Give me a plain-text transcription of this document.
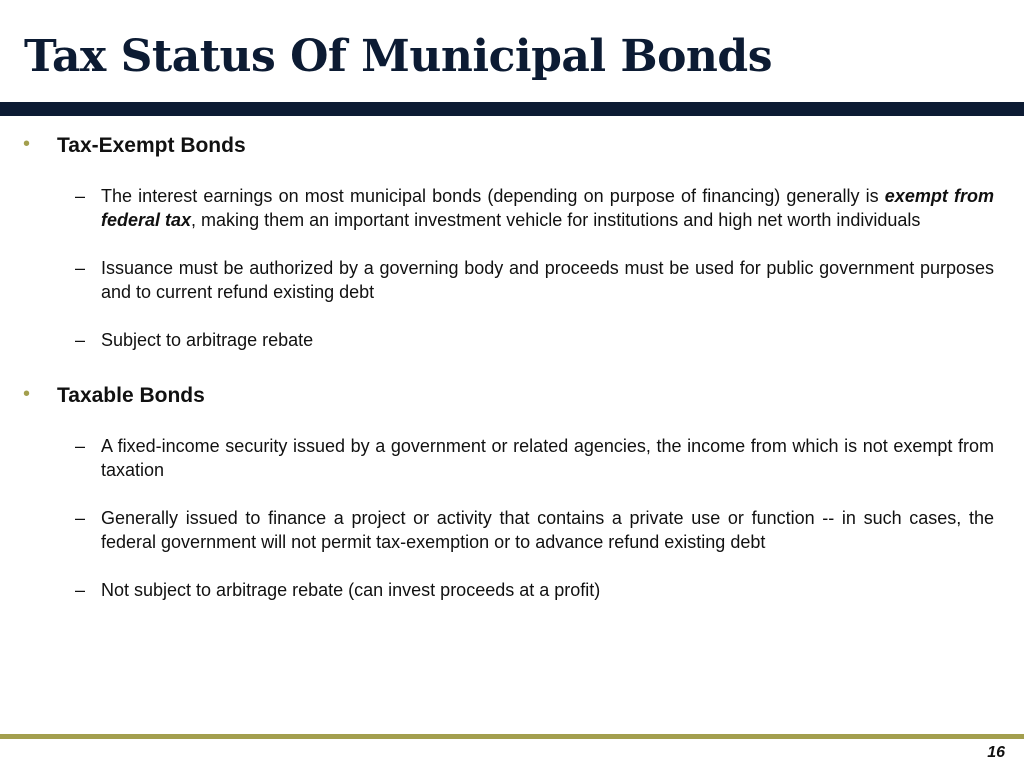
Tax Status Of Municipal Bonds
• Tax-Exempt Bonds
– The interest earnings on most municipal bonds (depending on purpose of financing) generally is exempt from federal tax, making them an important investment vehicle for institutions and high net worth individuals
– Issuance must be authorized by a governing body and proceeds must be used for public government purposes and to current refund existing debt
– Subject to arbitrage rebate
• Taxable Bonds
– A fixed-income security issued by a government or related agencies, the income from which is not exempt from taxation
– Generally issued to finance a project or activity that contains a private use or function -- in such cases, the federal government will not permit tax-exemption or to advance refund existing debt
– Not subject to arbitrage rebate (can invest proceeds at a profit)
16
